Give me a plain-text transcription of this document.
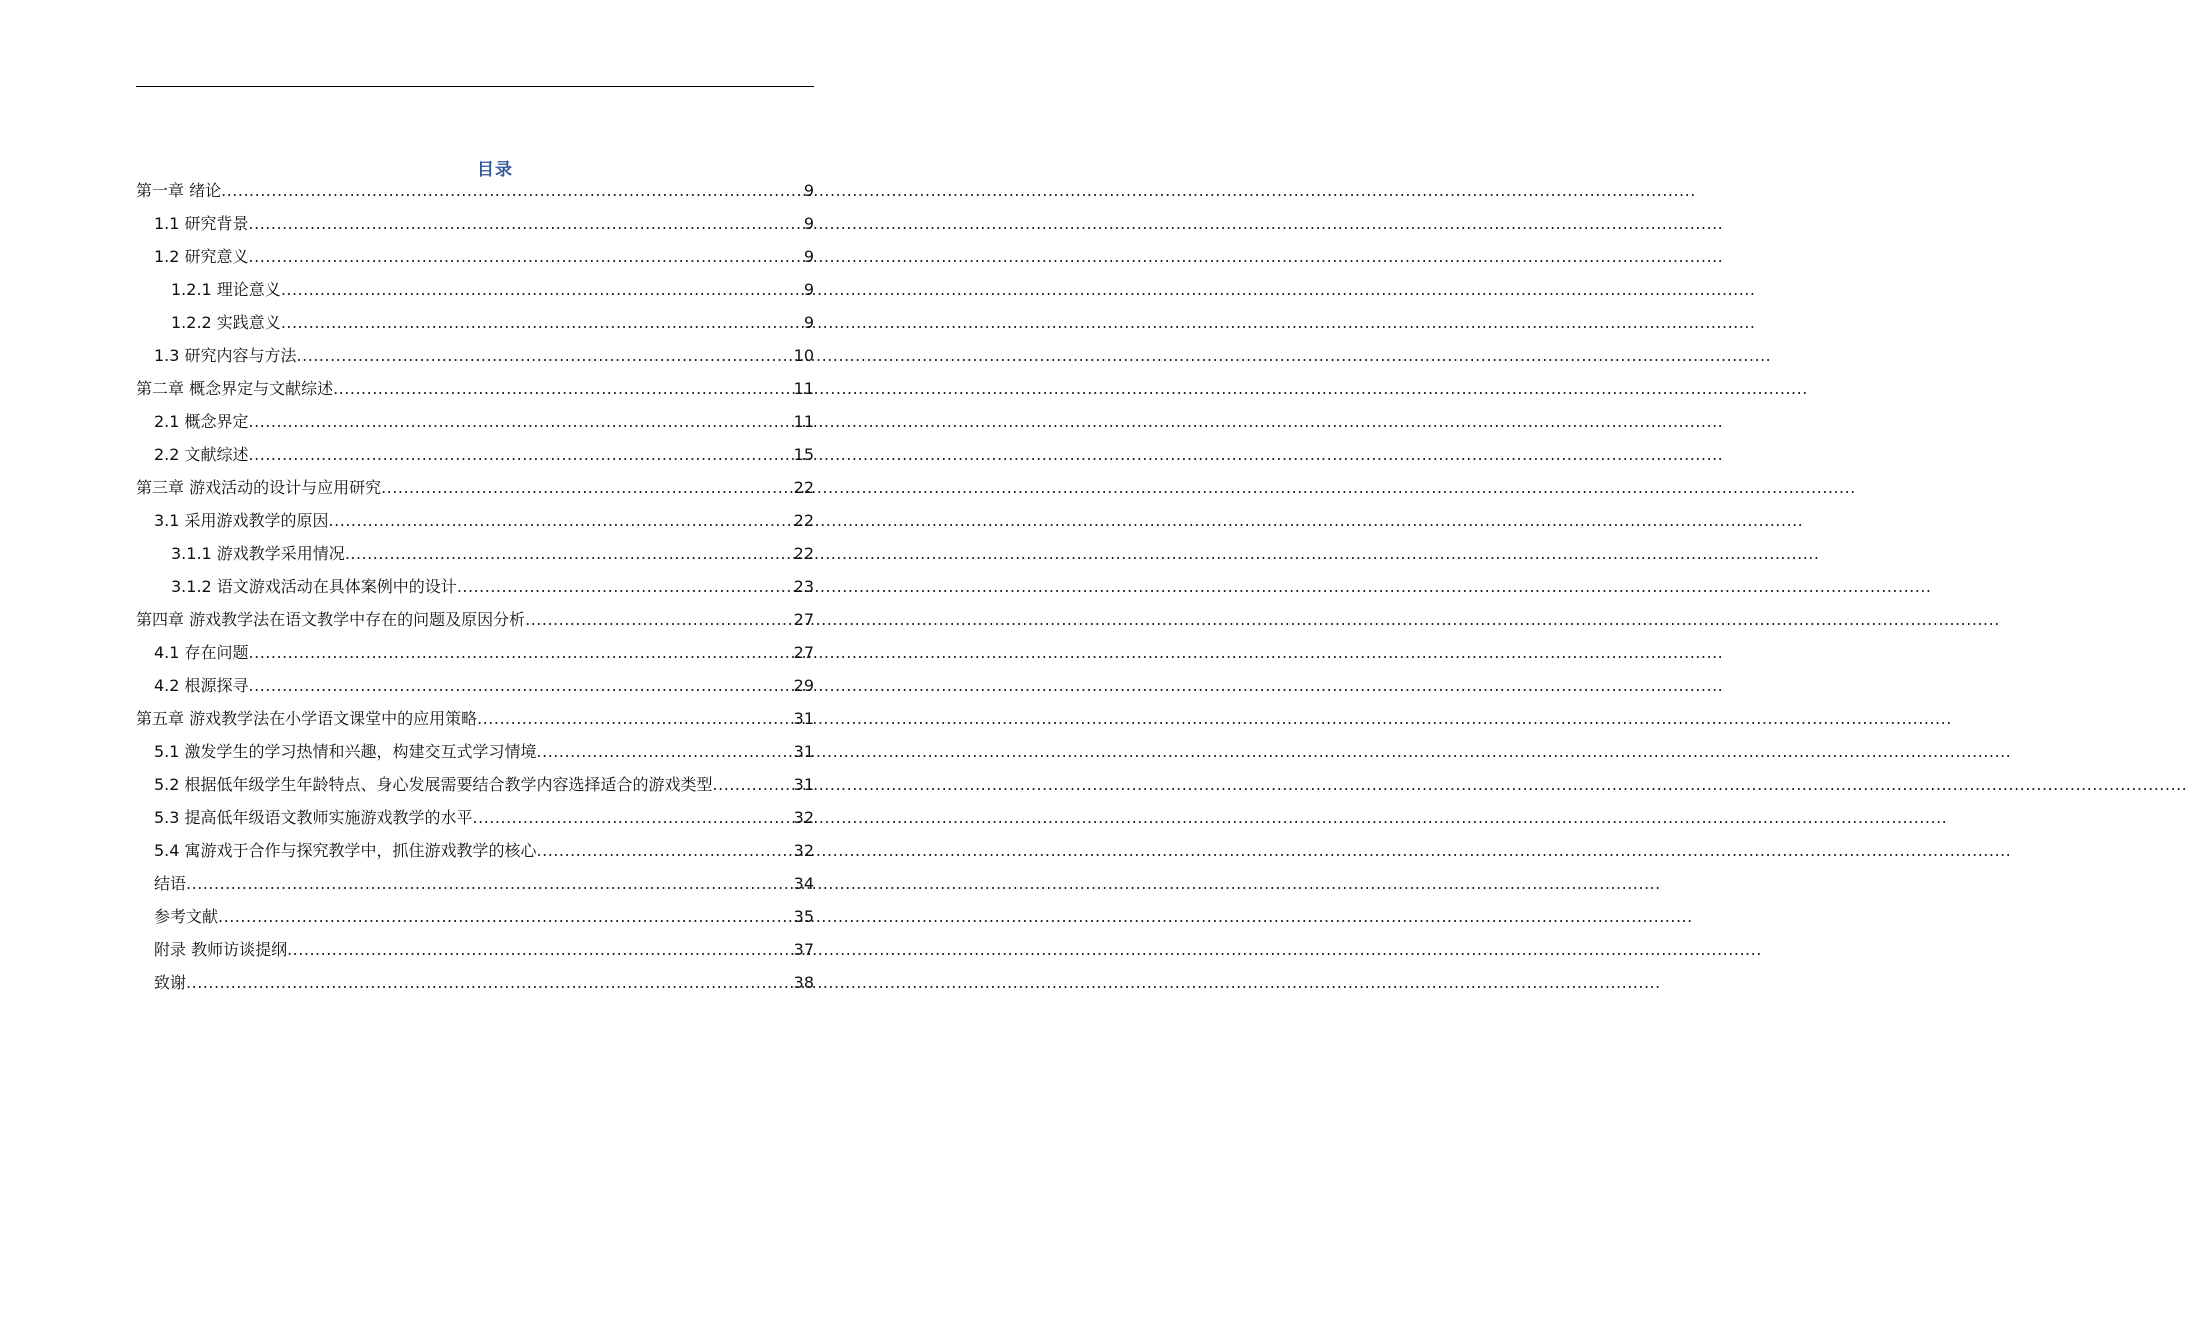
目录
第一章 绪论 .....	9
1.1 研究背景 .....	9
1.2 研究意义 .....	9
1.2.1 理论意义 .....	9
1.2.2 实践意义 .....	9
1.3 研究内容与方法 .....	10
第二章 概念界定与文献综述 .....	11
2.1 概念界定 .....	11
2.2 文献综述 .....	15
第三章 游戏活动的设计与应用研究 .....	22
3.1 采用游戏教学的原因 .....	22
3.1.1 游戏教学采用情况 .....	22
3.1.2 语文游戏活动在具体案例中的设计 .....	23
第四章 游戏教学法在语文教学中存在的问题及原因分析 .....	27
4.1 存在问题 .....	27
4.2 根源探寻 .....	29
第五章 游戏教学法在小学语文课堂中的应用策略 .....	31
5.1 激发学生的学习热情和兴趣，构建交互式学习情境 .....	31
5.2 根据低年级学生年龄特点、身心发展需要结合教学内容选择适合的游戏类型 .....	31
5.3 提高低年级语文教师实施游戏教学的水平 .....	32
5.4 寓游戏于合作与探究教学中，抓住游戏教学的核心 .....	32
结语 .....	34
参考文献 .....	35
附录 教师访谈提纲 .....	37
致谢 .....	38
